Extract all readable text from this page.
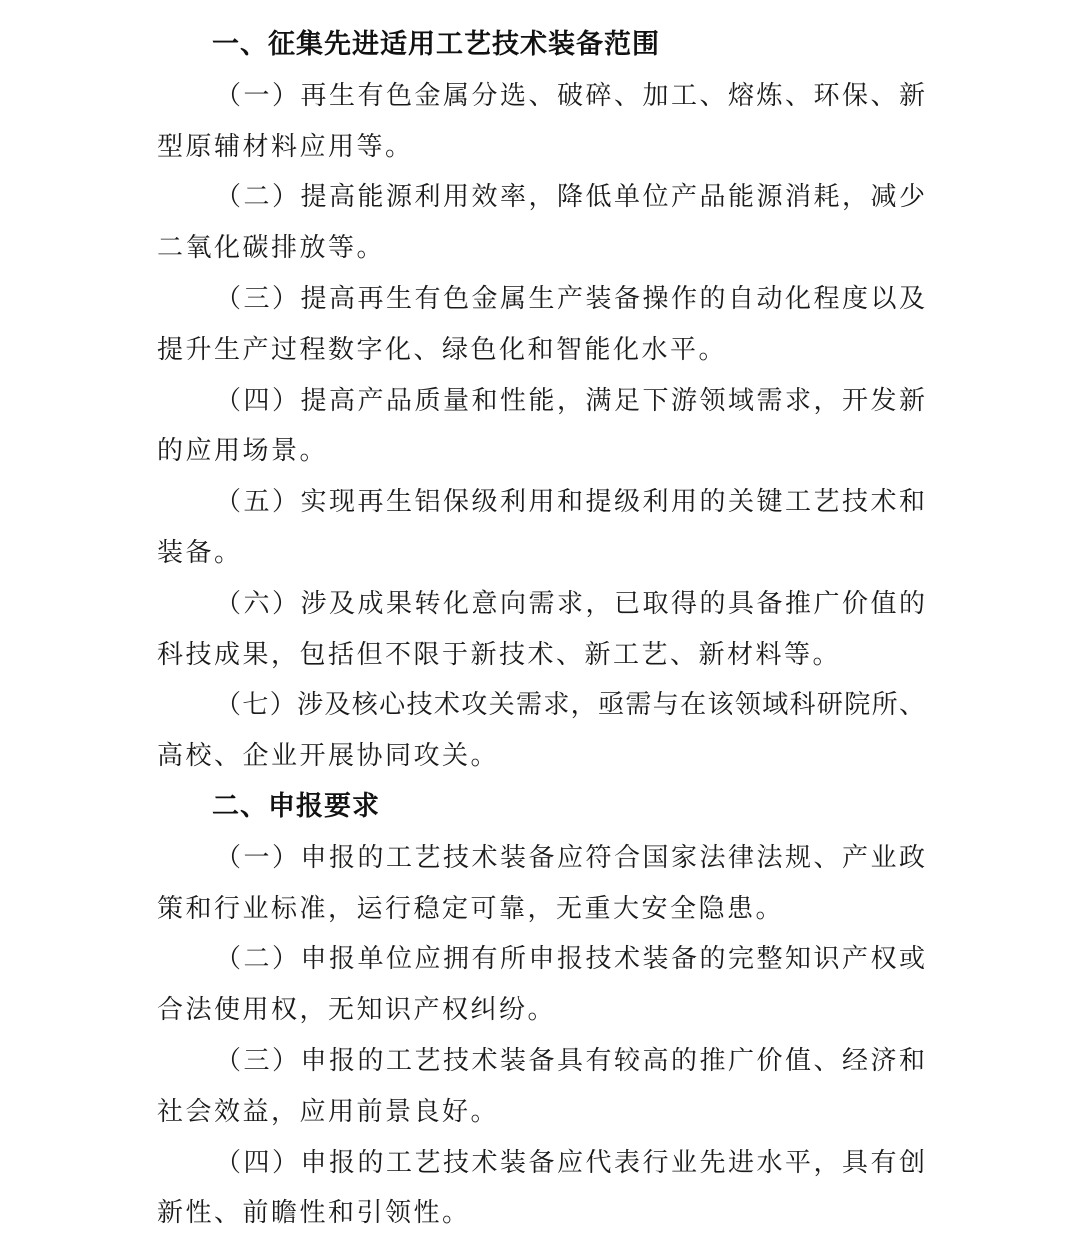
一、征集先进适用工艺技术装备范围
（一）再生有色金属分选、破碎、加工、熔炼、环保、新
型原辅材料应用等。
（二）提高能源利用效率，降低单位产品能源消耗，减少
二氧化碳排放等。
（三）提高再生有色金属生产装备操作的自动化程度以及
提升生产过程数字化、绿色化和智能化水平。
（四）提高产品质量和性能，满足下游领域需求，开发新
的应用场景。
（五）实现再生铝保级利用和提级利用的关键工艺技术和
装备。
（六）涉及成果转化意向需求，已取得的具备推广价值的
科技成果，包括但不限于新技术、新工艺、新材料等。
（七）涉及核心技术攻关需求，亟需与在该领域科研院所、
高校、企业开展协同攻关。
二、申报要求
（一）申报的工艺技术装备应符合国家法律法规、产业政
策和行业标准，运行稳定可靠，无重大安全隐患。
（二）申报单位应拥有所申报技术装备的完整知识产权或
合法使用权，无知识产权纠纷。
（三）申报的工艺技术装备具有较高的推广价值、经济和
社会效益，应用前景良好。
（四）申报的工艺技术装备应代表行业先进水平，具有创
新性、前瞻性和引领性。
